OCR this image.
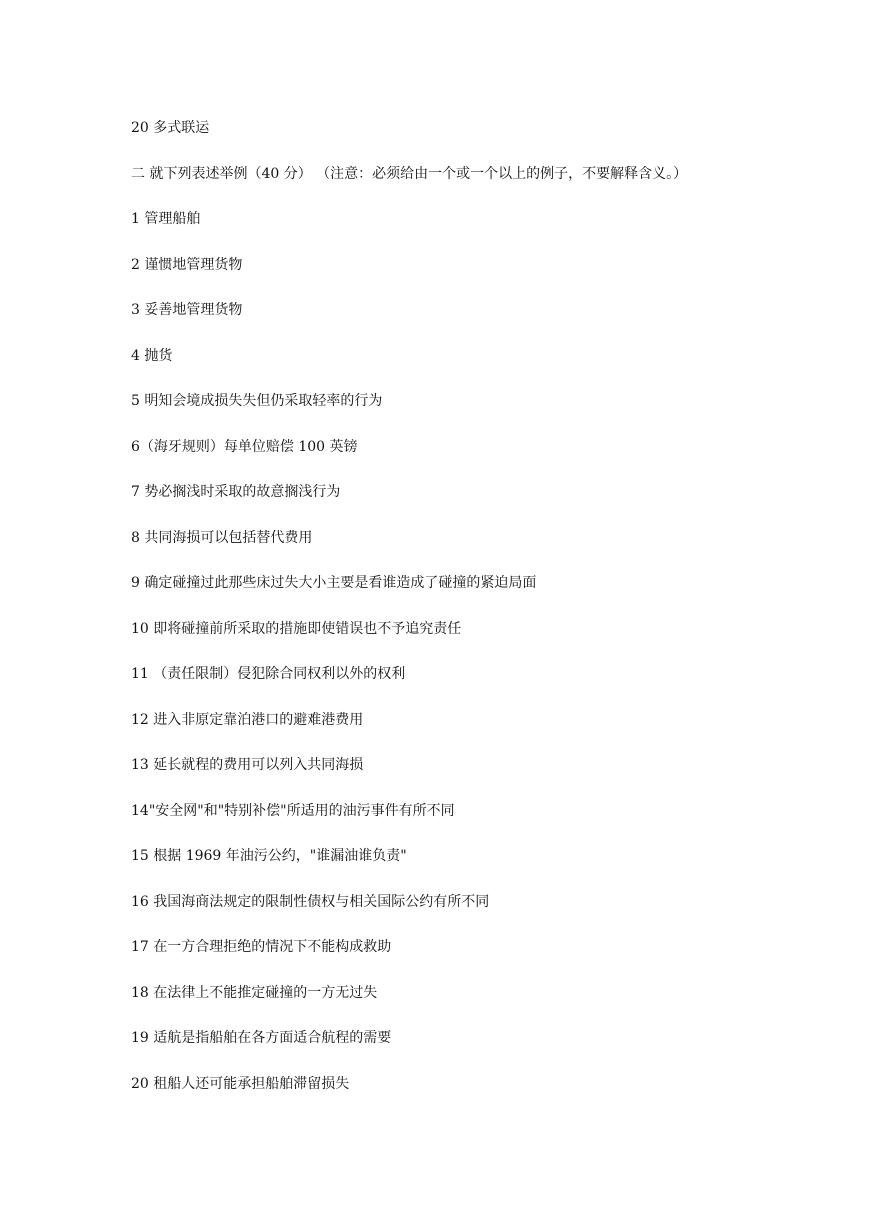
20 多式联运
二 就下列表述举例（40 分） （注意：必须给由一个或一个以上的例子，不要解释含义。）
1 管理船舶
2 谨惯地管理货物
3 妥善地管理货物
4 抛货
5 明知会境成损失失但仍采取轻率的行为
6（海牙规则）每单位赔偿 100 英镑
7 势必搁浅时采取的故意搁浅行为
8 共同海损可以包括替代费用
9 确定碰撞过此那些床过失大小主要是看谁造成了碰撞的紧迫局面
10 即将碰撞前所采取的措施即使错误也不予追究责任
11 （责任限制）侵犯除合同权利以外的权利
12 进入非原定靠泊港口的避难港费用
13 延长就程的费用可以列入共同海损
14"安全网"和"特别补偿"所适用的油污事件有所不同
15 根据 1969 年油污公约，"谁漏油谁负责"
16 我国海商法规定的限制性债权与相关国际公约有所不同
17 在一方合理拒绝的情况下不能构成救助
18 在法律上不能推定碰撞的一方无过失
19 适航是指船舶在各方面适合航程的需要
20 租船人还可能承担船舶滞留损失
